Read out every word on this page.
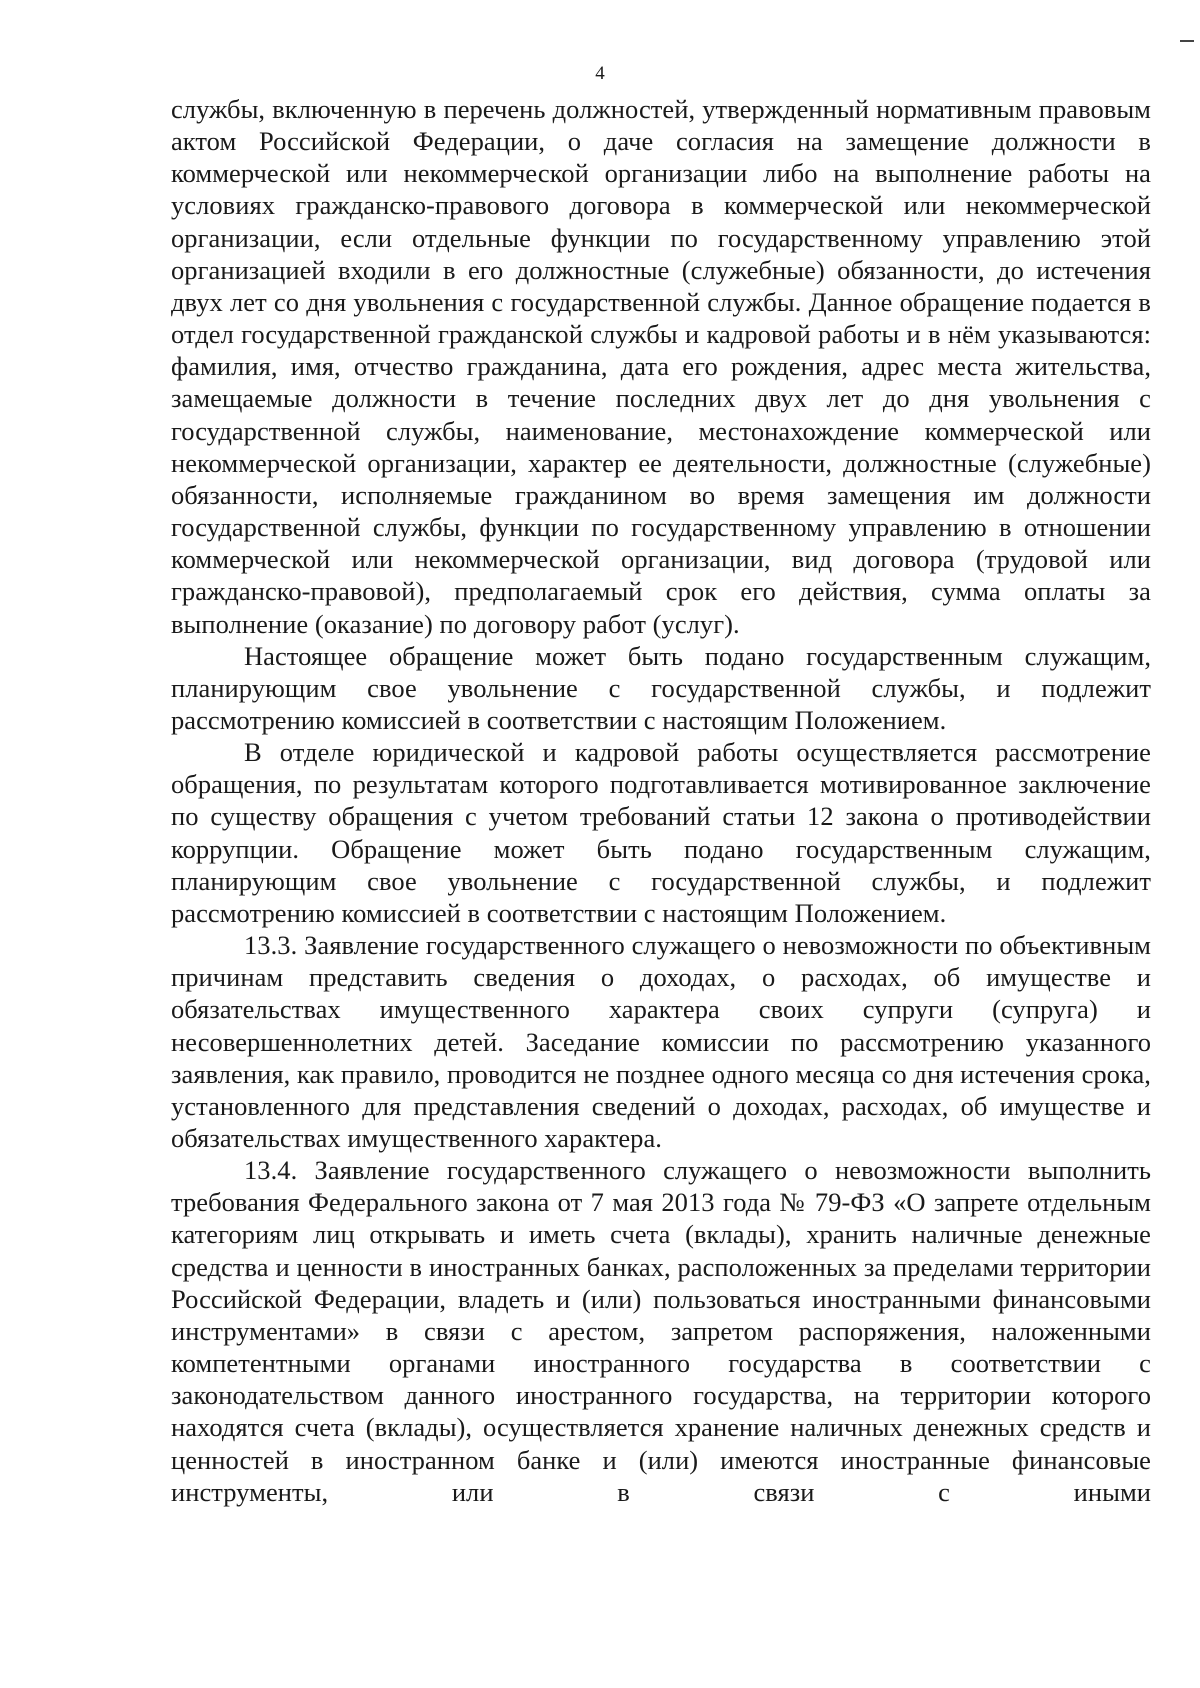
4

службы, включенную в перечень должностей, утвержденный нормативным правовым актом Российской Федерации, о даче согласия на замещение должности в коммерческой или некоммерческой организации либо на выполнение работы на условиях гражданско-правового договора в коммерческой или некоммерческой организации, если отдельные функции по государственному управлению этой организацией входили в его должностные (служебные) обязанности, до истечения двух лет со дня увольнения с государственной службы. Данное обращение подается в отдел государственной гражданской службы и кадровой работы и в нём указываются: фамилия, имя, отчество гражданина, дата его рождения, адрес места жительства, замещаемые должности в течение последних двух лет до дня увольнения с государственной службы, наименование, местонахождение коммерческой или некоммерческой организации, характер ее деятельности, должностные (служебные) обязанности, исполняемые гражданином во время замещения им должности государственной службы, функции по государственному управлению в отношении коммерческой или некоммерческой организации, вид договора (трудовой или гражданско-правовой), предполагаемый срок его действия, сумма оплаты за выполнение (оказание) по договору работ (услуг).

Настоящее обращение может быть подано государственным служащим, планирующим свое увольнение с государственной службы, и подлежит рассмотрению комиссией в соответствии с настоящим Положением.

В отделе юридической и кадровой работы осуществляется рассмотрение обращения, по результатам которого подготавливается мотивированное заключение по существу обращения с учетом требований статьи 12 закона о противодействии коррупции. Обращение может быть подано государственным служащим, планирующим свое увольнение с государственной службы, и подлежит рассмотрению комиссией в соответствии с настоящим Положением.

13.3. Заявление государственного служащего о невозможности по объективным причинам представить сведения о доходах, о расходах, об имуществе и обязательствах имущественного характера своих супруги (супруга) и несовершеннолетних детей. Заседание комиссии по рассмотрению указанного заявления, как правило, проводится не позднее одного месяца со дня истечения срока, установленного для представления сведений о доходах, расходах, об имуществе и обязательствах имущественного характера.

13.4. Заявление государственного служащего о невозможности выполнить требования Федерального закона от 7 мая 2013 года № 79-ФЗ «О запрете отдельным категориям лиц открывать и иметь счета (вклады), хранить наличные денежные средства и ценности в иностранных банках, расположенных за пределами территории Российской Федерации, владеть и (или) пользоваться иностранными финансовыми инструментами» в связи с арестом, запретом распоряжения, наложенными компетентными органами иностранного государства в соответствии с законодательством данного иностранного государства, на территории которого находятся счета (вклады), осуществляется хранение наличных денежных средств и ценностей в иностранном банке и (или) имеются иностранные финансовые инструменты, или в связи с иными
